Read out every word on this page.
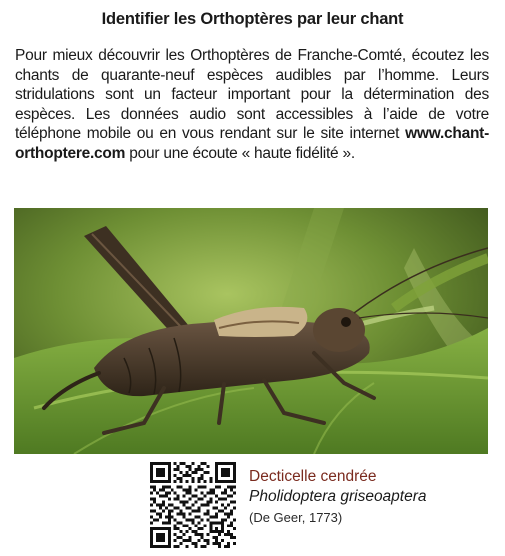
Identifier les Orthoptères par leur chant
Pour mieux découvrir les Orthoptères de Franche-Comté, écoutez les chants de quarante-neuf espèces audibles par l’homme. Leurs stridulations sont un facteur important pour la détermination des espèces. Les données audio sont accessibles à l’aide de votre téléphone mobile ou en vous rendant sur le site internet www.chant-orthoptere.com pour une écoute « haute fidélité ».
Decticelle cendrée
Pholidoptera griseoaptera
(De Geer, 1773)
